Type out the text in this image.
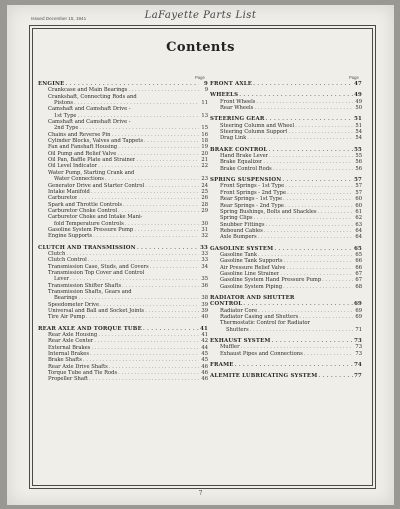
Issued December 15, 1941	LaFayette Parts List
Contents
Page	Page
ENGINE . . .	9
Crankcase and Main Bearings . . .	9
Crankshaft, Connecting Rods and
Pistons . . .	11
Camshaft and Camshaft Drive -
1st Type . . .	13
Camshaft and Camshaft Drive -
2nd Type . . .	15
Chains and Reverse Pin . . .	16
Cylinder Blocks, Valves and Tappets . . .	18
Fan and Fanshaft Housing . . .	19
Oil Pump and Relief Valve . . .	20
Oil Pan, Baffle Plate and Strainer . . .	21
Oil Level Indicator . . .	22
Water Pump, Starting Crank and
Water Connections . . .	23
Generator Drive and Starter Control . . .	24
Intake Manifold . . .	25
Carburetor . . .	26
Spark and Throttle Controls . . .	28
Carburetor Choke Control . . .	29
Carburetor Choke and Intake Mani-
fold Temperature Controls . . .	30
Gasoline System Pressure Pump . . .	31
Engine Supports . . .	32
CLUTCH AND TRANSMISSION . . .	33
Clutch . . .	33
Clutch Control . . .	33
Transmission Case, Studs, and Covers . . .	34
Transmission Top Cover and Control
Lever . . .	35
Transmission Shifter Shafts . . .	36
Transmission Shafts, Gears and
Bearings . . .	38
Speedometer Drive . . .	39
Universal and Ball and Socket Joints . . .	39
Tire Air Pump . . .	40
REAR AXLE AND TORQUE TUBE . . .	41
Rear Axle Housing . . .	41
Rear Axle Center . . .	42
External Brakes . . .	44
Internal Brakes . . .	45
Brake Shafts . . .	45
Rear Axle Drive Shafts . . .	46
Torque Tube and Tie Rods . . .	46
Propeller Shaft . . .	46
FRONT AXLE . . .	47
WHEELS . . .	49
Front Wheels . . .	49
Rear Wheels . . .	50
STEERING GEAR . . .	51
Steering Column and Wheel . . .	51
Steering Column Support . . .	54
Drag Link . . .	54
BRAKE CONTROL . . .	55
Hand Brake Lever . . .	55
Brake Equalizer . . .	56
Brake Control Rods . . .	56
SPRING SUSPENSION . . .	57
Front Springs - 1st Type . . .	57
Front Springs - 2nd Type . . .	57
Rear Springs - 1st Type . . .	60
Rear Springs - 2nd Type . . .	60
Spring Bushings, Bolts and Shackles . . .	61
Spring Clips . . .	62
Snubber Fittings . . .	63
Rebound Cables . . .	64
Axle Bumpers . . .	64
GASOLINE SYSTEM . . .	65
Gasoline Tank . . .	65
Gasoline Tank Supports . . .	66
Air Pressure Relief Valve . . .	66
Gasoline Line Strainer . . .	67
Gasoline System Hand Pressure Pump . . .	67
Gasoline System Piping . . .	68
RADIATOR AND SHUTTER
CONTROL . . .	69
Radiator Core . . .	69
Radiator Casing and Shutters . . .	69
Thermostatic Control for Radiator
Shutters . . .	71
EXHAUST SYSTEM . . .	73
Muffler . . .	73
Exhaust Pipes and Connections . . .	73
FRAME . . .	74
ALEMITE LUBRICATING SYSTEM . . .	77
7
